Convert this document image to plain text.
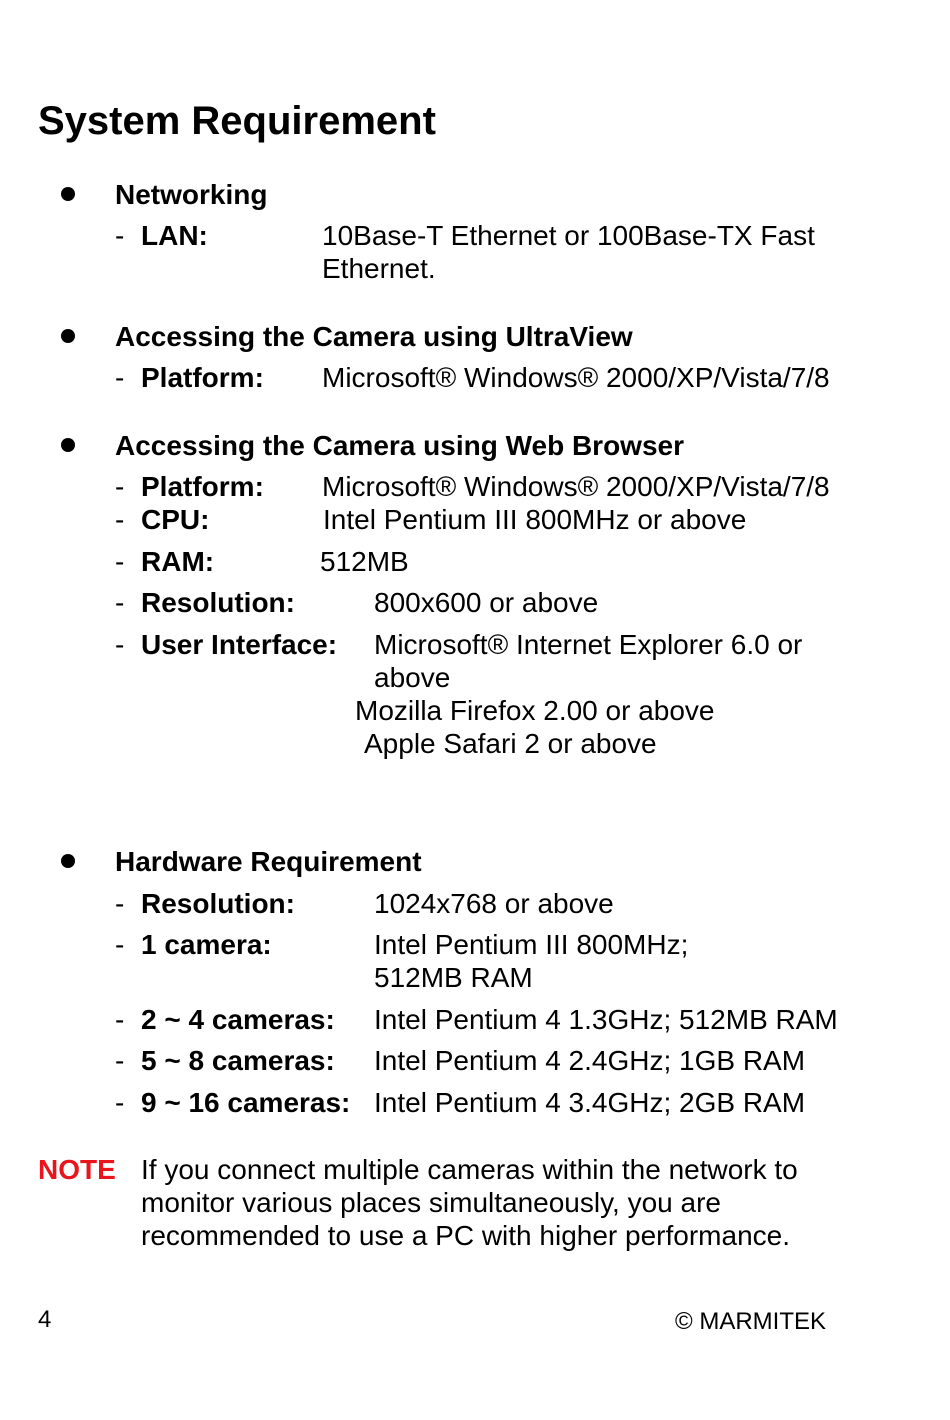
System Requirement
Networking
- LAN:	10Base-T Ethernet or 100Base-TX Fast
Ethernet.
Accessing the Camera using UltraView
- Platform: Microsoft® Windows® 2000/XP/Vista/7/8
Accessing the Camera using Web Browser
- Platform: Microsoft® Windows® 2000/XP/Vista/7/8
- CPU:	Intel Pentium III 800MHz or above
- RAM:	512MB
- Resolution:	800x600 or above
- User Interface: Microsoft® Internet Explorer 6.0 or
above
Mozilla Firefox 2.00 or above
Apple Safari 2 or above
Hardware Requirement
- Resolution:	1024x768 or above
- 1 camera:	Intel Pentium III 800MHz;
512MB RAM
- 2 ~ 4 cameras: Intel Pentium 4 1.3GHz; 512MB RAM
- 5 ~ 8 cameras: Intel Pentium 4 2.4GHz; 1GB RAM
- 9 ~ 16 cameras: Intel Pentium 4 3.4GHz; 2GB RAM
NOTE If you connect multiple cameras within the network to
monitor various places simultaneously, you are
recommended to use a PC with higher performance.
4	© MARMITEK
